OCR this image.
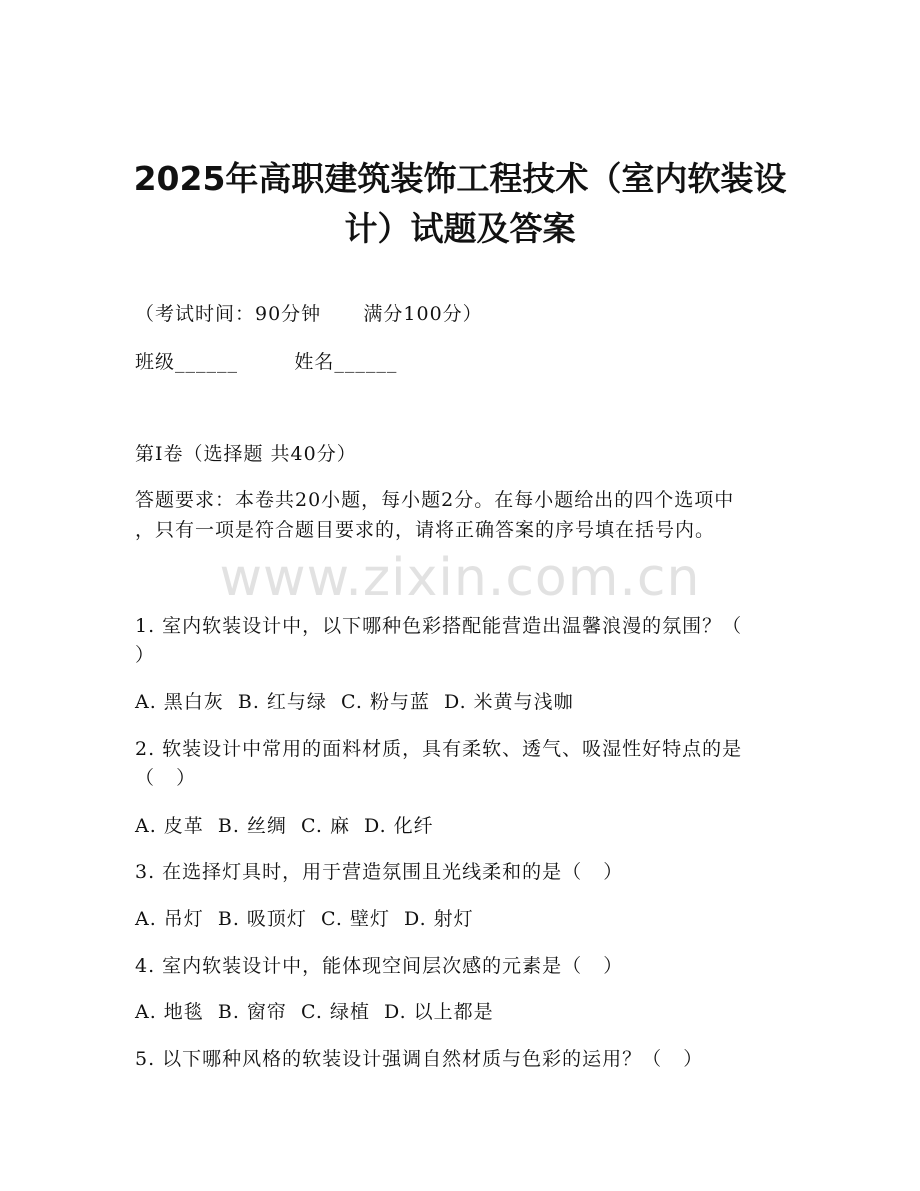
2025年高职建筑装饰工程技术（室内软装设
计）试题及答案
（考试时间：90分钟      满分100分）
班级______        姓名______
第I卷（选择题 共40分）
答题要求：本卷共20小题，每小题2分。在每小题给出的四个选项中
，只有一项是符合题目要求的，请将正确答案的序号填在括号内。
www.zixin.com.cn
1. 室内软装设计中，以下哪种色彩搭配能营造出温馨浪漫的氛围？（
）
A. 黑白灰  B. 红与绿  C. 粉与蓝  D. 米黄与浅咖
2. 软装设计中常用的面料材质，具有柔软、透气、吸湿性好特点的是
（   ）
A. 皮革  B. 丝绸  C. 麻  D. 化纤
3. 在选择灯具时，用于营造氛围且光线柔和的是（   ）
A. 吊灯  B. 吸顶灯  C. 壁灯  D. 射灯
4. 室内软装设计中，能体现空间层次感的元素是（   ）
A. 地毯  B. 窗帘  C. 绿植  D. 以上都是
5. 以下哪种风格的软装设计强调自然材质与色彩的运用？（   ）
